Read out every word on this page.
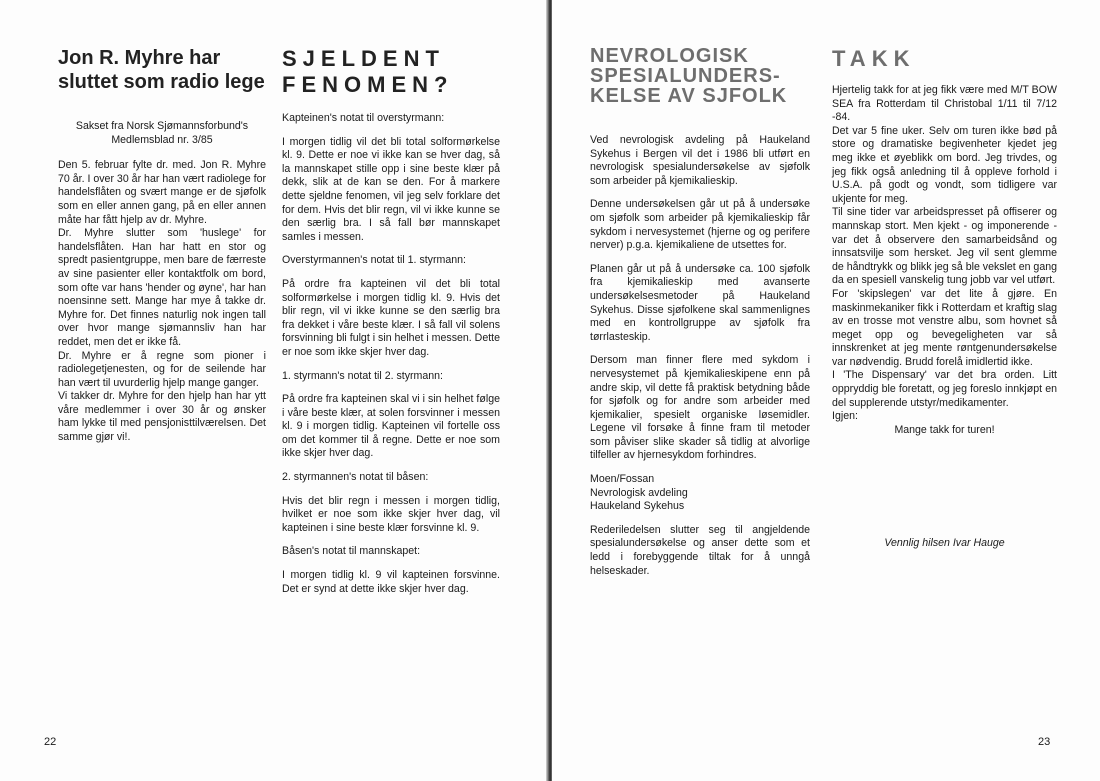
Jon R. Myhre har sluttet som radio lege

Sakset fra Norsk Sjømannsforbund's Medlemsblad nr. 3/85

Den 5. februar fylte dr. med. Jon R. Myhre 70 år. I over 30 år har han vært radiolege for handelsflåten og svært mange er de sjøfolk som en eller annen gang, på en eller annen måte har fått hjelp av dr. Myhre.

Dr. Myhre slutter som 'huslege' for handelsflåten. Han har hatt en stor og spredt pasientgruppe, men bare de færreste av sine pasienter eller kontaktfolk om bord, som ofte var hans 'hender og øyne', har han noensinne sett. Mange har mye å takke dr. Myhre for. Det finnes naturlig nok ingen tall over hvor mange sjømannsliv han har reddet, men det er ikke få.

Dr. Myhre er å regne som pioner i radiolegetjenesten, og for de seilende har han vært til uvurderlig hjelp mange ganger.

Vi takker dr. Myhre for den hjelp han har ytt våre medlemmer i over 30 år og ønsker ham lykke til med pensjonisttilværelsen. Det samme gjør vi!.

SJELDENT
FENOMEN?

Kapteinen's notat til overstyrmann:

I morgen tidlig vil det bli total solformørkelse kl. 9. Dette er noe vi ikke kan se hver dag, så la mannskapet stille opp i sine beste klær på dekk, slik at de kan se den. For å markere dette sjeldne fenomen, vil jeg selv forklare det for dem. Hvis det blir regn, vil vi ikke kunne se den særlig bra. I så fall bør mannskapet samles i messen.

Overstyrmannen's notat til 1. styrmann:

På ordre fra kapteinen vil det bli total solformørkelse i morgen tidlig kl. 9. Hvis det blir regn, vil vi ikke kunne se den særlig bra fra dekket i våre beste klær. I så fall vil solens forsvinning bli fulgt i sin helhet i messen. Dette er noe som ikke skjer hver dag.

1. styrmann's notat til 2. styrmann:

På ordre fra kapteinen skal vi i sin helhet følge i våre beste klær, at solen forsvinner i messen kl. 9 i morgen tidlig. Kapteinen vil fortelle oss om det kommer til å regne. Dette er noe som ikke skjer hver dag.

2. styrmannen's notat til båsen:

Hvis det blir regn i messen i morgen tidlig, hvilket er noe som ikke skjer hver dag, vil kapteinen i sine beste klær forsvinne kl. 9.

Båsen's notat til mannskapet:

I morgen tidlig kl. 9 vil kapteinen forsvinne. Det er synd at dette ikke skjer hver dag.

22
NEVROLOGISK SPESIALUNDERS-KELSE AV SJFOLK

Ved nevrologisk avdeling på Haukeland Sykehus i Bergen vil det i 1986 bli utført en nevrologisk spesialundersøkelse av sjøfolk som arbeider på kjemikalieskip.

Denne undersøkelsen går ut på å undersøke om sjøfolk som arbeider på kjemikalieskip får sykdom i nervesystemet (hjerne og og perifere nerver) p.g.a. kjemikaliene de utsettes for.

Planen går ut på å undersøke ca. 100 sjøfolk fra kjemikalieskip med avanserte undersøkelsesmetoder på Haukeland Sykehus. Disse sjøfolkene skal sammenlignes med en kontrollgruppe av sjøfolk fra tørrlasteskip.

Dersom man finner flere med sykdom i nervesystemet på kjemikalieskipene enn på andre skip, vil dette få praktisk betydning både for sjøfolk og for andre som arbeider med kjemikalier, spesielt organiske løsemidler. Legene vil forsøke å finne fram til metoder som påviser slike skader så tidlig at alvorlige tilfeller av hjernesykdom forhindres.

Moen/Fossan
Nevrologisk avdeling
Haukeland Sykehus

Rederiledelsen slutter seg til angjeldende spesialundersøkelse og anser dette som et ledd i forebyggende tiltak for å unngå helseskader.

TAKK

Hjertelig takk for at jeg fikk være med M/T BOW SEA fra Rotterdam til Christobal 1/11 til 7/12 -84.

Det var 5 fine uker. Selv om turen ikke bød på store og dramatiske begivenheter kjedet jeg meg ikke et øyeblikk om bord. Jeg trivdes, og jeg fikk også anledning til å oppleve forhold i U.S.A. på godt og vondt, som tidligere var ukjente for meg.

Til sine tider var arbeidspresset på offiserer og mannskap stort. Men kjekt - og imponerende - var det å observere den samarbeidsånd og innsatsvilje som hersket. Jeg vil sent glemme de håndtrykk og blikk jeg så ble vekslet en gang da en spesiell vanskelig tung jobb var vel utført.

For 'skipslegen' var det lite å gjøre. En maskinmekaniker fikk i Rotterdam et kraftig slag av en trosse mot venstre albu, som hovnet så meget opp og bevegeligheten var så innskrenket at jeg mente røntgenundersøkelse var nødvendig. Brudd forelå imidlertid ikke.

I 'The Dispensary' var det bra orden. Litt oppryddig ble foretatt, og jeg foreslo innkjøpt en del supplerende utstyr/medikamenter.

Igjen:

Mange takk for turen!

Vennlig hilsen Ivar Hauge

23
